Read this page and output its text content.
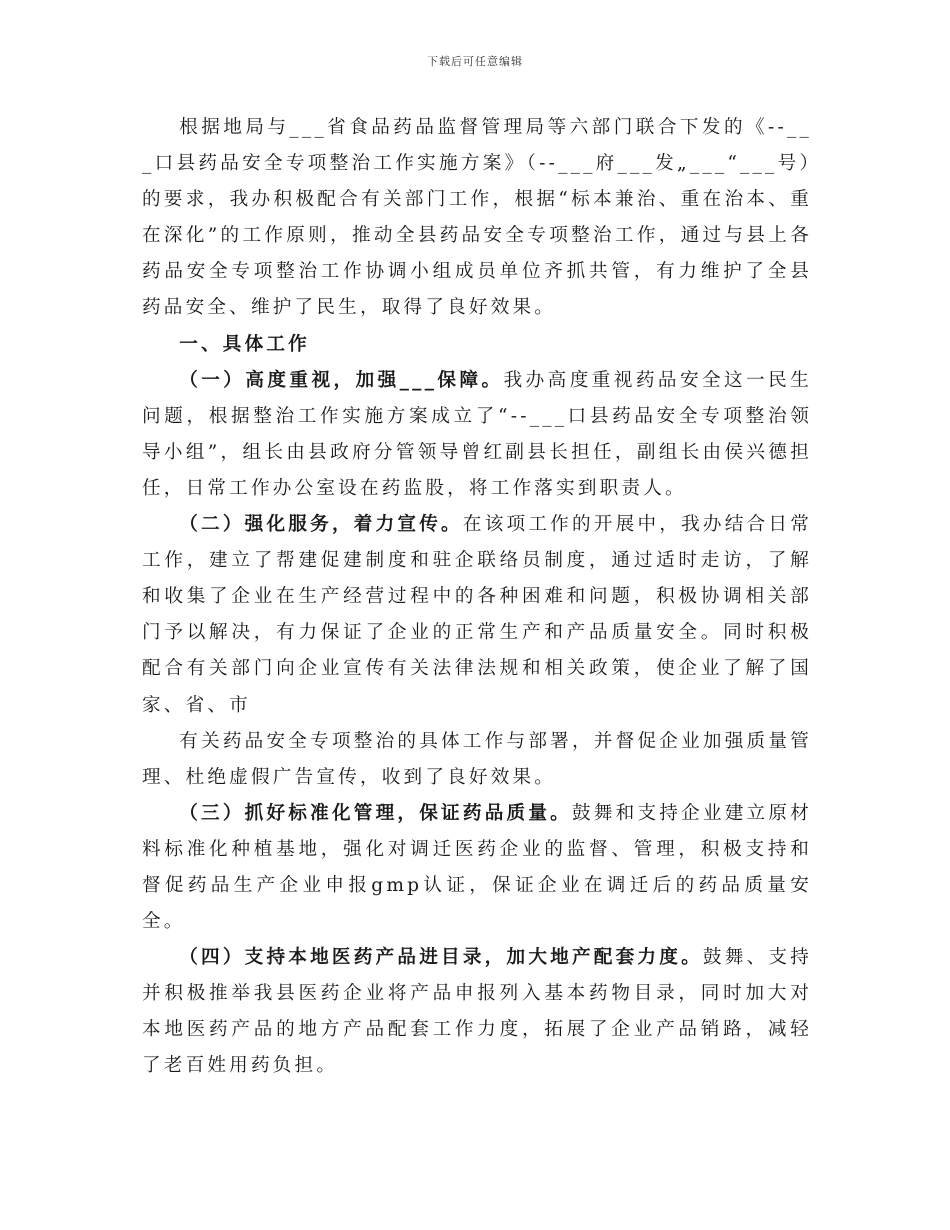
下载后可任意编辑

根据地局与___省食品药品监督管理局等六部门联合下发的《--__ _口县药品安全专项整治工作实施方案》（--___府___发„___“___号）的要求，我办积极配合有关部门工作，根据“标本兼治、重在治本、重在深化”的工作原则，推动全县药品安全专项整治工作，通过与县上各药品安全专项整治工作协调小组成员单位齐抓共管，有力维护了全县药品安全、维护了民生，取得了良好效果。

一、具体工作

（一）高度重视，加强___保障。我办高度重视药品安全这一民生问题，根据整治工作实施方案成立了“--___口县药品安全专项整治领导小组”，组长由县政府分管领导曾红副县长担任，副组长由侯兴德担任，日常工作办公室设在药监股，将工作落实到职责人。

（二）强化服务，着力宣传。在该项工作的开展中，我办结合日常工作，建立了帮建促建制度和驻企联络员制度，通过适时走访，了解和收集了企业在生产经营过程中的各种困难和问题，积极协调相关部门予以解决，有力保证了企业的正常生产和产品质量安全。同时积极配合有关部门向企业宣传有关法律法规和相关政策，使企业了解了国家、省、市

有关药品安全专项整治的具体工作与部署，并督促企业加强质量管理、杜绝虚假广告宣传，收到了良好效果。

（三）抓好标准化管理，保证药品质量。鼓舞和支持企业建立原材料标准化种植基地，强化对调迁医药企业的监督、管理，积极支持和督促药品生产企业申报gmp认证，保证企业在调迁后的药品质量安全。

（四）支持本地医药产品进目录，加大地产配套力度。鼓舞、支持并积极推举我县医药企业将产品申报列入基本药物目录，同时加大对本地医药产品的地方产品配套工作力度，拓展了企业产品销路，减轻了老百姓用药负担。
